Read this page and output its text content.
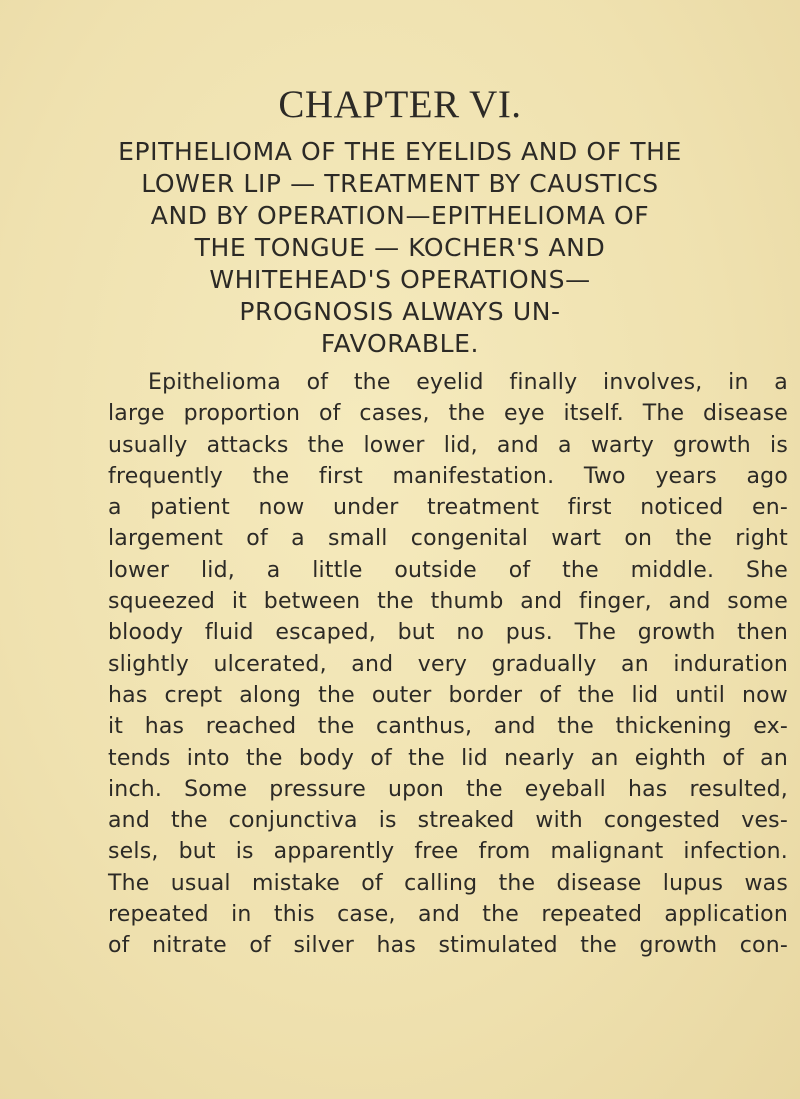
CHAPTER VI.
EPITHELIOMA OF THE EYELIDS AND OF THE
LOWER LIP — TREATMENT BY CAUSTICS
AND BY OPERATION—EPITHELIOMA OF
THE TONGUE — KOCHER'S AND
WHITEHEAD'S OPERATIONS—
PROGNOSIS ALWAYS UN-
FAVORABLE.
Epithelioma of the eyelid finally involves, in a
large proportion of cases, the eye itself. The disease
usually attacks the lower lid, and a warty growth is
frequently the first manifestation. Two years ago
a patient now under treatment first noticed en-
largement of a small congenital wart on the right
lower lid, a little outside of the middle. She
squeezed it between the thumb and finger, and some
bloody fluid escaped, but no pus. The growth then
slightly ulcerated, and very gradually an induration
has crept along the outer border of the lid until now
it has reached the canthus, and the thickening ex-
tends into the body of the lid nearly an eighth of an
inch. Some pressure upon the eyeball has resulted,
and the conjunctiva is streaked with congested ves-
sels, but is apparently free from malignant infection.
The usual mistake of calling the disease lupus was
repeated in this case, and the repeated application
of nitrate of silver has stimulated the growth con-
